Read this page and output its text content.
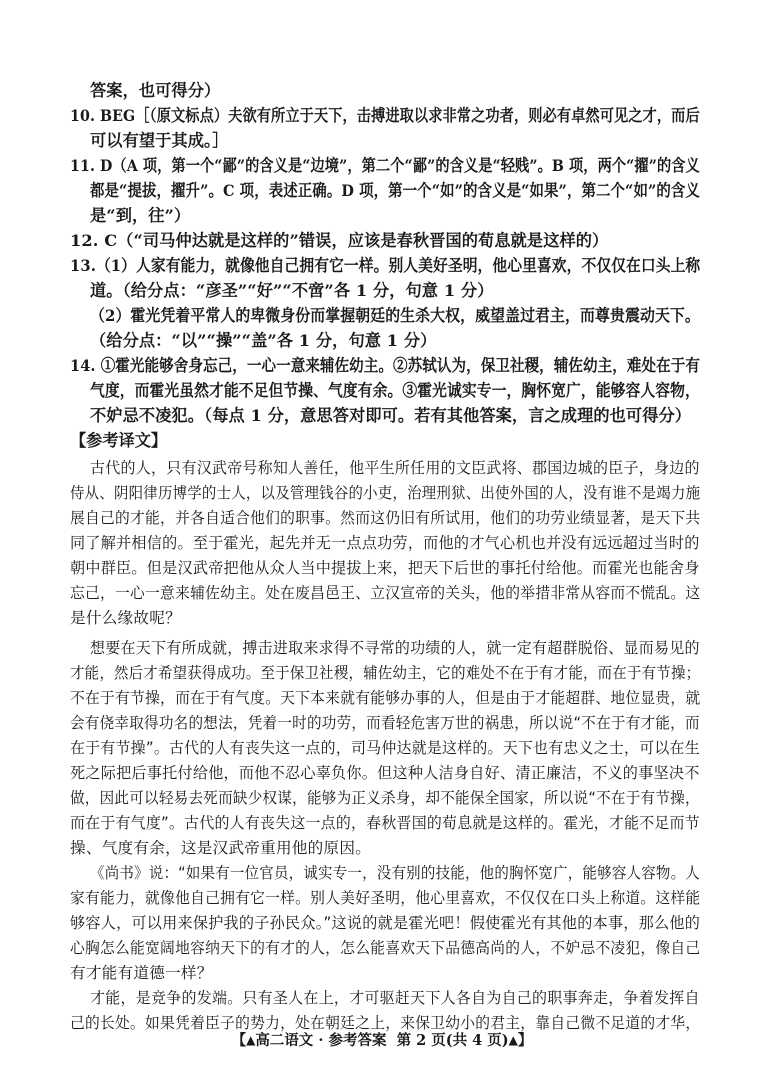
答案，也可得分）
10. BEG［（原文标点）夫欲有所立于天下，击搏进取以求非常之功者，则必有卓然可见之才，而后
可以有望于其成。］
11. D（A 项，第一个“鄙”的含义是“边境”，第二个“鄙”的含义是“轻贱”。B 项，两个“擢”的含义
都是“提拔，擢升”。C 项，表述正确。D 项，第一个“如”的含义是“如果”，第二个“如”的含义
是“到，往”）
12. C（“司马仲达就是这样的”错误，应该是春秋晋国的荀息就是这样的）
13.（1）人家有能力，就像他自己拥有它一样。别人美好圣明，他心里喜欢，不仅仅在口头上称
道。（给分点：“彦圣”“好”“不啻”各 1 分，句意 1 分）
（2）霍光凭着平常人的卑微身份而掌握朝廷的生杀大权，威望盖过君主，而尊贵震动天下。
（给分点：“以”“操”“盖”各 1 分，句意 1 分）
14. ①霍光能够舍身忘己，一心一意来辅佐幼主。②苏轼认为，保卫社稷，辅佐幼主，难处在于有
气度，而霍光虽然才能不足但节操、气度有余。③霍光诚实专一，胸怀宽广，能够容人容物，
不妒忌不凌犯。（每点 1 分，意思答对即可。若有其他答案，言之成理的也可得分）
【参考译文】
古代的人，只有汉武帝号称知人善任，他平生所任用的文臣武将、郡国边城的臣子，身边的
侍从、阴阳律历博学的士人，以及管理钱谷的小吏，治理刑狱、出使外国的人，没有谁不是竭力施
展自己的才能，并各自适合他们的职事。然而这仍旧有所试用，他们的功劳业绩显著，是天下共
同了解并相信的。至于霍光，起先并无一点点功劳，而他的才气心机也并没有远远超过当时的
朝中群臣。但是汉武帝把他从众人当中提拔上来，把天下后世的事托付给他。而霍光也能舍身
忘己，一心一意来辅佐幼主。处在废昌邑王、立汉宣帝的关头，他的举措非常从容而不慌乱。这
是什么缘故呢？
想要在天下有所成就，搏击进取来求得不寻常的功绩的人，就一定有超群脱俗、显而易见的
才能，然后才希望获得成功。至于保卫社稷，辅佐幼主，它的难处不在于有才能，而在于有节操；
不在于有节操，而在于有气度。天下本来就有能够办事的人，但是由于才能超群、地位显贵，就
会有侥幸取得功名的想法，凭着一时的功劳，而看轻危害万世的祸患，所以说“不在于有才能，而
在于有节操”。古代的人有丧失这一点的，司马仲达就是这样的。天下也有忠义之士，可以在生
死之际把后事托付给他，而他不忍心辜负你。但这种人洁身自好、清正廉洁，不义的事坚决不
做，因此可以轻易去死而缺少权谋，能够为正义杀身，却不能保全国家，所以说“不在于有节操，
而在于有气度”。古代的人有丧失这一点的，春秋晋国的荀息就是这样的。霍光，才能不足而节
操、气度有余，这是汉武帝重用他的原因。
《尚书》说：“如果有一位官员，诚实专一，没有别的技能，他的胸怀宽广，能够容人容物。人
家有能力，就像他自己拥有它一样。别人美好圣明，他心里喜欢，不仅仅在口头上称道。这样能
够容人，可以用来保护我的子孙民众。”这说的就是霍光吧！假使霍光有其他的本事，那么他的
心胸怎么能宽阔地容纳天下的有才的人，怎么能喜欢天下品德高尚的人，不妒忌不凌犯，像自己
有才能有道德一样？
才能，是竞争的发端。只有圣人在上，才可驱赶天下人各自为自己的职事奔走，争着发挥自
己的长处。如果凭着臣子的势力，处在朝廷之上，来保卫幼小的君主，靠自己微不足道的才华，
【▲高二语文 · 参考答案 第 2 页(共 4 页)▲】
